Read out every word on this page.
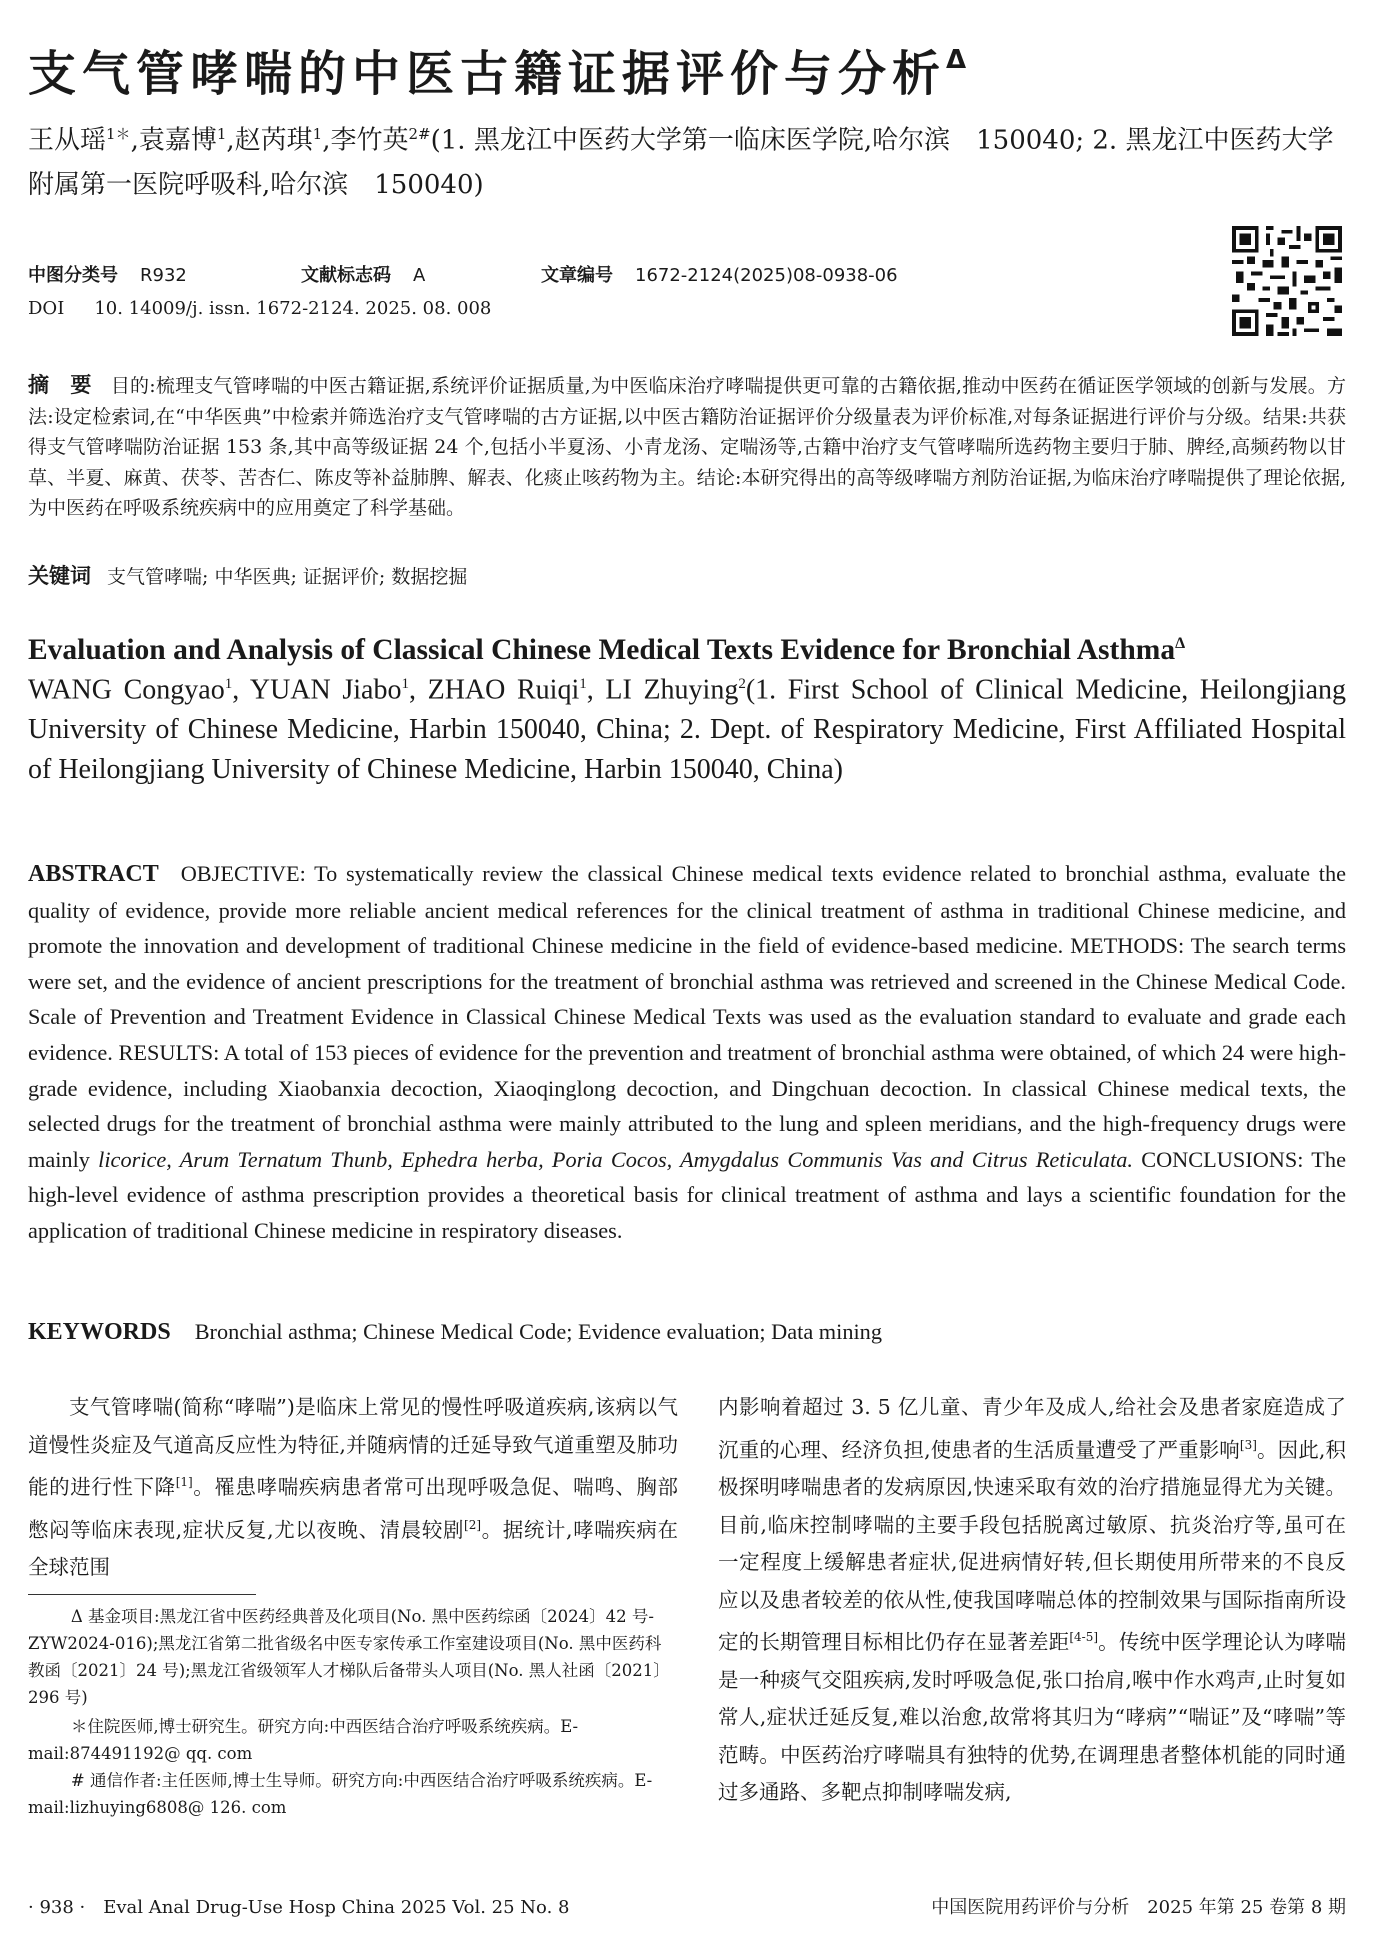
支气管哮喘的中医古籍证据评价与分析$^\Delta$
王从瑶$^{1*}$,袁嘉博$^1$,赵芮琪$^1$,李竹英$^{2\#}$(1. 黑龙江中医药大学第一临床医学院,哈尔滨　150040; 2. 黑龙江中医药大学附属第一医院呼吸科,哈尔滨　150040)
中图分类号 R932	文献标志码 A	文章编号 1672-2124(2025)08-0938-06
DOI 10. 14009/j. issn. 1672-2124. 2025. 08. 008
摘　要　 目的:梳理支气管哮喘的中医古籍证据,系统评价证据质量,为中医临床治疗哮喘提供更可靠的古籍依据,推动中医药在循证医学领域的创新与发展。方法:设定检索词,在“中华医典”中检索并筛选治疗支气管哮喘的古方证据,以中医古籍防治证据评价分级量表为评价标准,对每条证据进行评价与分级。结果:共获得支气管哮喘防治证据 153 条,其中高等级证据 24 个,包括小半夏汤、小青龙汤、定喘汤等,古籍中治疗支气管哮喘所选药物主要归于肺、脾经,高频药物以甘草、半夏、麻黄、茯苓、苦杏仁、陈皮等补益肺脾、解表、化痰止咳药物为主。结论:本研究得出的高等级哮喘方剂防治证据,为临床治疗哮喘提供了理论依据,为中医药在呼吸系统疾病中的应用奠定了科学基础。
关键词 支气管哮喘; 中华医典; 证据评价; 数据挖掘
Evaluation and Analysis of Classical Chinese Medical Texts Evidence for Bronchial Asthma$^\Delta$
WANG Congyao$^1$, YUAN Jiabo$^1$, ZHAO Ruiqi$^1$, LI Zhuying$^2$(1. First School of Clinical Medicine, Heilongjiang University of Chinese Medicine, Harbin 150040, China; 2. Dept. of Respiratory Medicine, First Affiliated Hospital of Heilongjiang University of Chinese Medicine, Harbin 150040, China)
ABSTRACT OBJECTIVE: To systematically review the classical Chinese medical texts evidence related to bronchial asthma, evaluate the quality of evidence, provide more reliable ancient medical references for the clinical treatment of asthma in traditional Chinese medicine, and promote the innovation and development of traditional Chinese medicine in the field of evidence-based medicine. METHODS: The search terms were set, and the evidence of ancient prescriptions for the treatment of bronchial asthma was retrieved and screened in the Chinese Medical Code. Scale of Prevention and Treatment Evidence in Classical Chinese Medical Texts was used as the evaluation standard to evaluate and grade each evidence. RESULTS: A total of 153 pieces of evidence for the prevention and treatment of bronchial asthma were obtained, of which 24 were high-grade evidence, including Xiaobanxia decoction, Xiaoqinglong decoction, and Dingchuan decoction. In classical Chinese medical texts, the selected drugs for the treatment of bronchial asthma were mainly attributed to the lung and spleen meridians, and the high-frequency drugs were mainly licorice, Arum Ternatum Thunb, Ephedra herba, Poria Cocos, Amygdalus Communis Vas and Citrus Reticulata. CONCLUSIONS: The high-level evidence of asthma prescription provides a theoretical basis for clinical treatment of asthma and lays a scientific foundation for the application of traditional Chinese medicine in respiratory diseases.
KEYWORDS Bronchial asthma; Chinese Medical Code; Evidence evaluation; Data mining
支气管哮喘(简称“哮喘”)是临床上常见的慢性呼吸道疾病,该病以气道慢性炎症及气道高反应性为特征,并随病情的迁延导致气道重塑及肺功能的进行性下降[1]。罹患哮喘疾病患者常可出现呼吸急促、喘鸣、胸部憋闷等临床表现,症状反复,尤以夜晚、清晨较剧[2]。据统计,哮喘疾病在全球范围
Δ 基金项目:黑龙江省中医药经典普及化项目(No. 黑中医药综函〔2024〕42 号-ZYW2024-016);黑龙江省第二批省级名中医专家传承工作室建设项目(No. 黑中医药科教函〔2021〕24 号);黑龙江省级领军人才梯队后备带头人项目(No. 黑人社函〔2021〕296 号)
＊住院医师,博士研究生。研究方向:中西医结合治疗呼吸系统疾病。E-mail:874491192@ qq. com
# 通信作者:主任医师,博士生导师。研究方向:中西医结合治疗呼吸系统疾病。E-mail:lizhuying6808@ 126. com
内影响着超过 3. 5 亿儿童、青少年及成人,给社会及患者家庭造成了沉重的心理、经济负担,使患者的生活质量遭受了严重影响[3]。因此,积极探明哮喘患者的发病原因,快速采取有效的治疗措施显得尤为关键。目前,临床控制哮喘的主要手段包括脱离过敏原、抗炎治疗等,虽可在一定程度上缓解患者症状,促进病情好转,但长期使用所带来的不良反应以及患者较差的依从性,使我国哮喘总体的控制效果与国际指南所设定的长期管理目标相比仍存在显著差距[4-5]。传统中医学理论认为哮喘是一种痰气交阻疾病,发时呼吸急促,张口抬肩,喉中作水鸡声,止时复如常人,症状迁延反复,难以治愈,故常将其归为“哮病”“喘证”及“哮喘”等范畴。中医药治疗哮喘具有独特的优势,在调理患者整体机能的同时通过多通路、多靶点抑制哮喘发病,
· 938 ·　Eval Anal Drug-Use Hosp China 2025 Vol. 25 No. 8	中国医院用药评价与分析　2025 年第 25 卷第 8 期
